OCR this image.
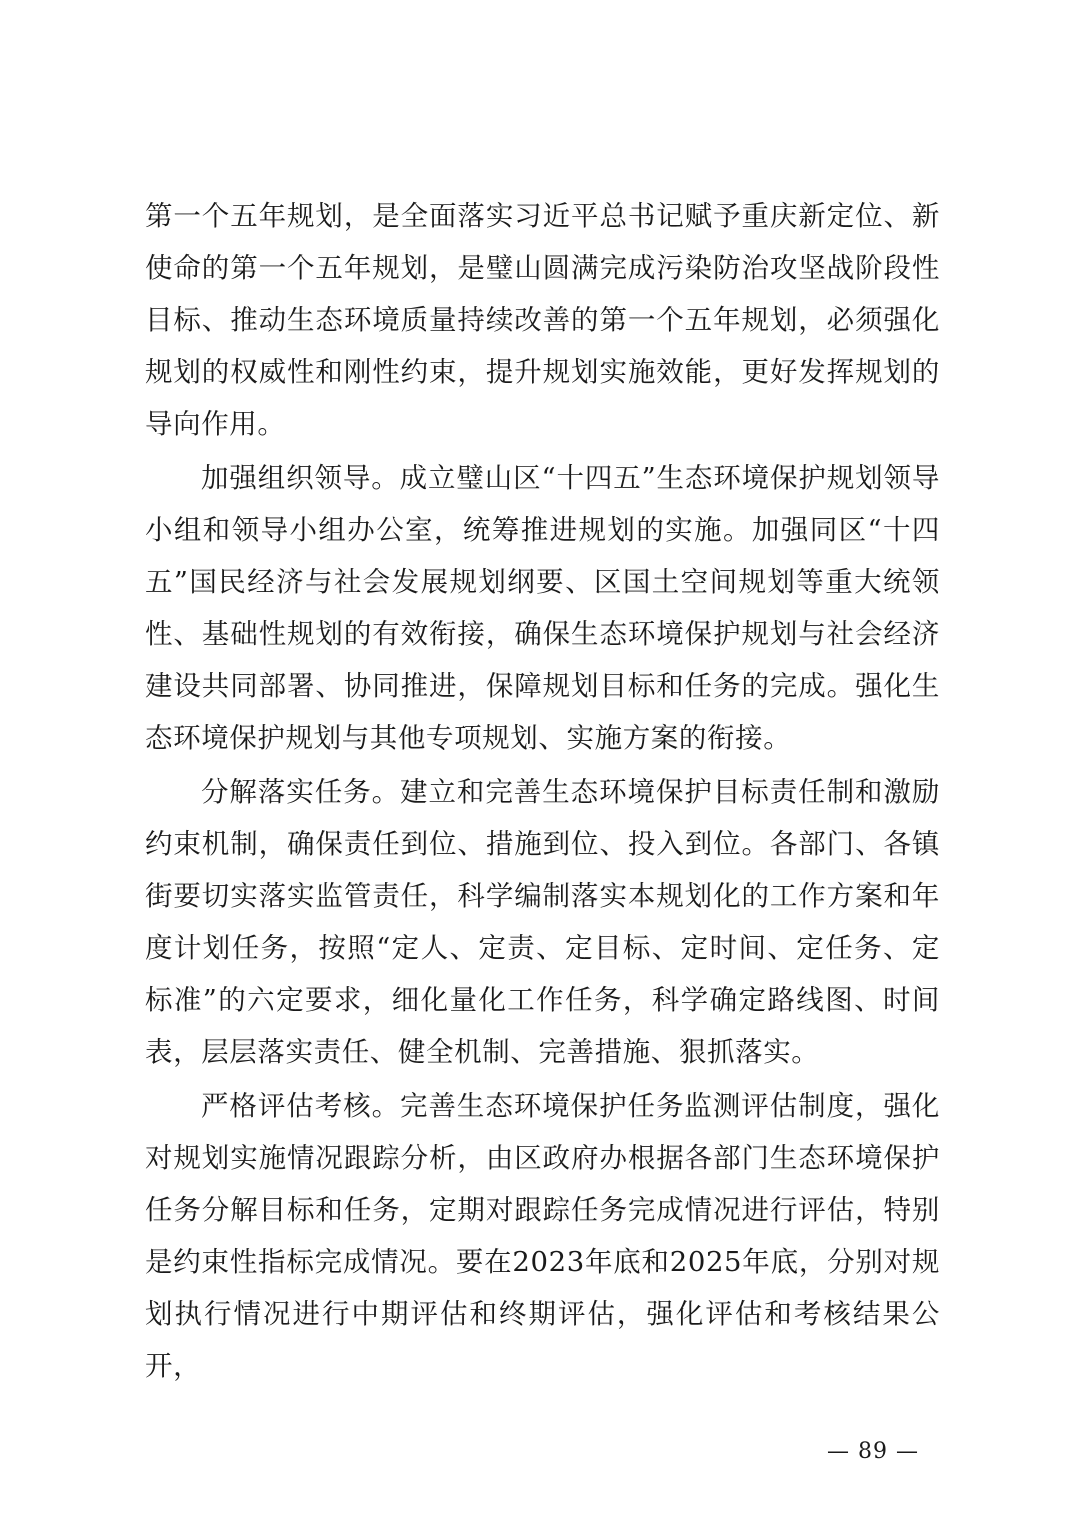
第一个五年规划，是全面落实习近平总书记赋予重庆新定位、新使命的第一个五年规划，是璧山圆满完成污染防治攻坚战阶段性目标、推动生态环境质量持续改善的第一个五年规划，必须强化规划的权威性和刚性约束，提升规划实施效能，更好发挥规划的导向作用。

加强组织领导。成立璧山区“十四五”生态环境保护规划领导小组和领导小组办公室，统筹推进规划的实施。加强同区“十四五”国民经济与社会发展规划纲要、区国土空间规划等重大统领性、基础性规划的有效衔接，确保生态环境保护规划与社会经济建设共同部署、协同推进，保障规划目标和任务的完成。强化生态环境保护规划与其他专项规划、实施方案的衔接。

分解落实任务。建立和完善生态环境保护目标责任制和激励约束机制，确保责任到位、措施到位、投入到位。各部门、各镇街要切实落实监管责任，科学编制落实本规划化的工作方案和年度计划任务，按照“定人、定责、定目标、定时间、定任务、定标准”的六定要求，细化量化工作任务，科学确定路线图、时间表，层层落实责任、健全机制、完善措施、狠抓落实。

严格评估考核。完善生态环境保护任务监测评估制度，强化对规划实施情况跟踪分析，由区政府办根据各部门生态环境保护任务分解目标和任务，定期对跟踪任务完成情况进行评估，特别是约束性指标完成情况。要在2023年底和2025年底，分别对规划执行情况进行中期评估和终期评估，强化评估和考核结果公开，

— 89 —
